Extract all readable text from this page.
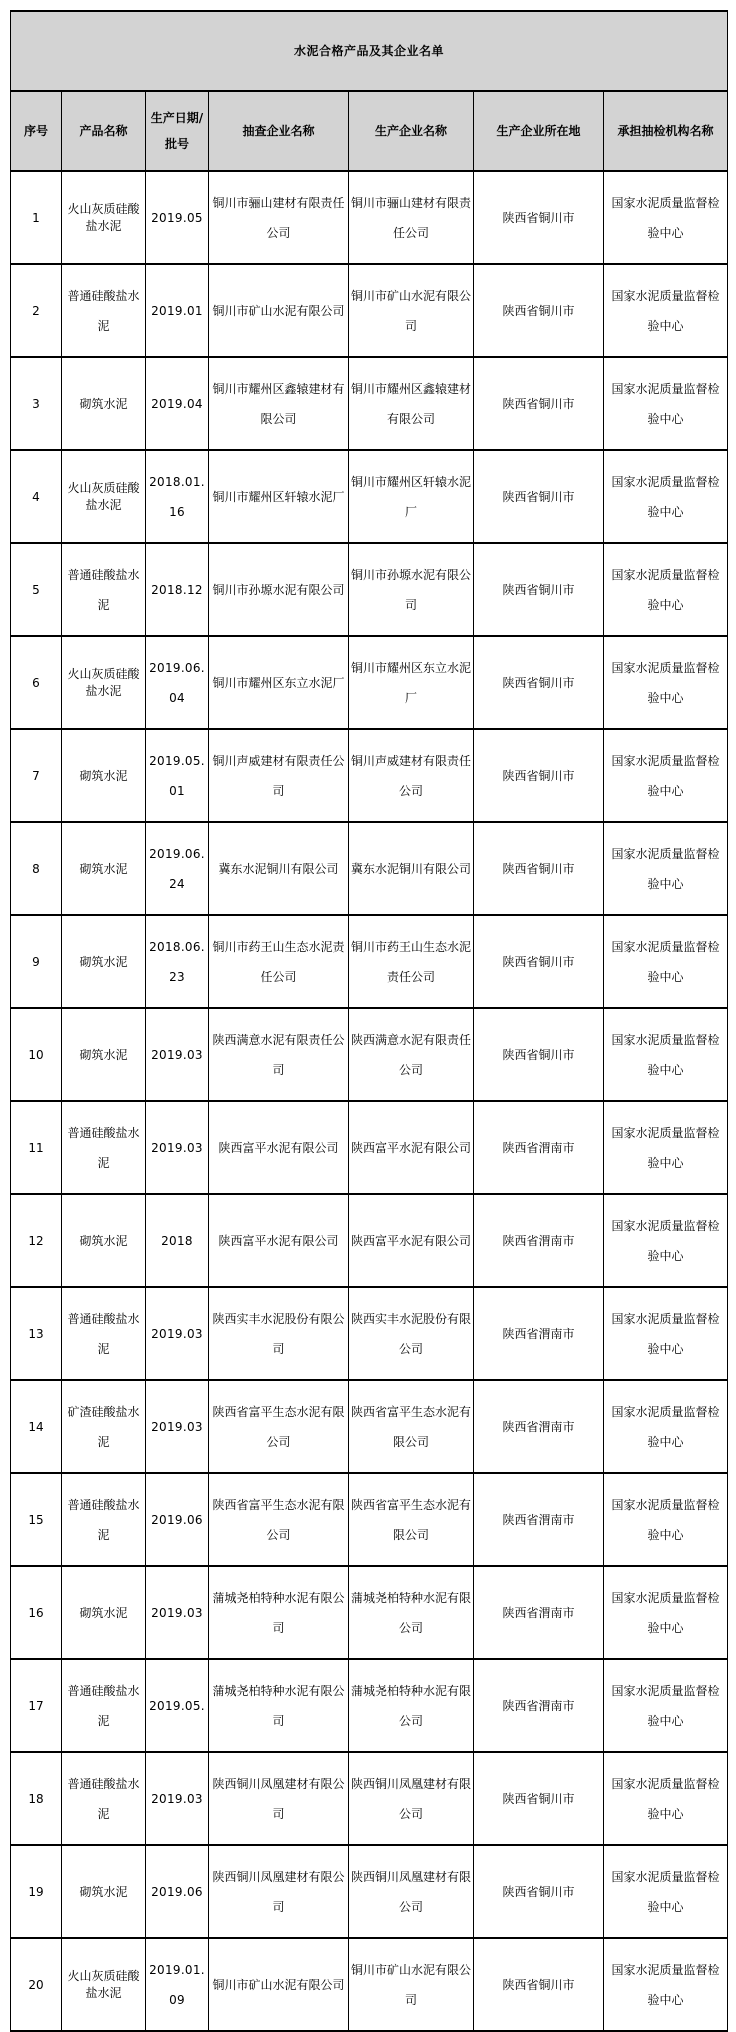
水泥合格产品及其企业名单						
序号	产品名称	生产日期/批号	抽查企业名称	生产企业名称	生产企业所在地	承担抽检机构名称
1	火山灰质硅酸盐水泥	2019.05	铜川市骊山建材有限责任公司	铜川市骊山建材有限责任公司	陕西省铜川市	国家水泥质量监督检验中心
2	普通硅酸盐水泥	2019.01	铜川市矿山水泥有限公司	铜川市矿山水泥有限公司	陕西省铜川市	国家水泥质量监督检验中心
3	砌筑水泥	2019.04	铜川市耀州区鑫辕建材有限公司	铜川市耀州区鑫辕建材有限公司	陕西省铜川市	国家水泥质量监督检验中心
4	火山灰质硅酸盐水泥	2018.01.16	铜川市耀州区轩辕水泥厂	铜川市耀州区轩辕水泥厂	陕西省铜川市	国家水泥质量监督检验中心
5	普通硅酸盐水泥	2018.12	铜川市孙塬水泥有限公司	铜川市孙塬水泥有限公司	陕西省铜川市	国家水泥质量监督检验中心
6	火山灰质硅酸盐水泥	2019.06.04	铜川市耀州区东立水泥厂	铜川市耀州区东立水泥厂	陕西省铜川市	国家水泥质量监督检验中心
7	砌筑水泥	2019.05.01	铜川声威建材有限责任公司	铜川声威建材有限责任公司	陕西省铜川市	国家水泥质量监督检验中心
8	砌筑水泥	2019.06.24	冀东水泥铜川有限公司	冀东水泥铜川有限公司	陕西省铜川市	国家水泥质量监督检验中心
9	砌筑水泥	2018.06.23	铜川市药王山生态水泥责任公司	铜川市药王山生态水泥责任公司	陕西省铜川市	国家水泥质量监督检验中心
10	砌筑水泥	2019.03	陕西满意水泥有限责任公司	陕西满意水泥有限责任公司	陕西省铜川市	国家水泥质量监督检验中心
11	普通硅酸盐水泥	2019.03	陕西富平水泥有限公司	陕西富平水泥有限公司	陕西省渭南市	国家水泥质量监督检验中心
12	砌筑水泥	2018	陕西富平水泥有限公司	陕西富平水泥有限公司	陕西省渭南市	国家水泥质量监督检验中心
13	普通硅酸盐水泥	2019.03	陕西实丰水泥股份有限公司	陕西实丰水泥股份有限公司	陕西省渭南市	国家水泥质量监督检验中心
14	矿渣硅酸盐水泥	2019.03	陕西省富平生态水泥有限公司	陕西省富平生态水泥有限公司	陕西省渭南市	国家水泥质量监督检验中心
15	普通硅酸盐水泥	2019.06	陕西省富平生态水泥有限公司	陕西省富平生态水泥有限公司	陕西省渭南市	国家水泥质量监督检验中心
16	砌筑水泥	2019.03	蒲城尧柏特种水泥有限公司	蒲城尧柏特种水泥有限公司	陕西省渭南市	国家水泥质量监督检验中心
17	普通硅酸盐水泥	2019.05.	蒲城尧柏特种水泥有限公司	蒲城尧柏特种水泥有限公司	陕西省渭南市	国家水泥质量监督检验中心
18	普通硅酸盐水泥	2019.03	陕西铜川凤凰建材有限公司	陕西铜川凤凰建材有限公司	陕西省铜川市	国家水泥质量监督检验中心
19	砌筑水泥	2019.06	陕西铜川凤凰建材有限公司	陕西铜川凤凰建材有限公司	陕西省铜川市	国家水泥质量监督检验中心
20	火山灰质硅酸盐水泥	2019.01.09	铜川市矿山水泥有限公司	铜川市矿山水泥有限公司	陕西省铜川市	国家水泥质量监督检验中心
